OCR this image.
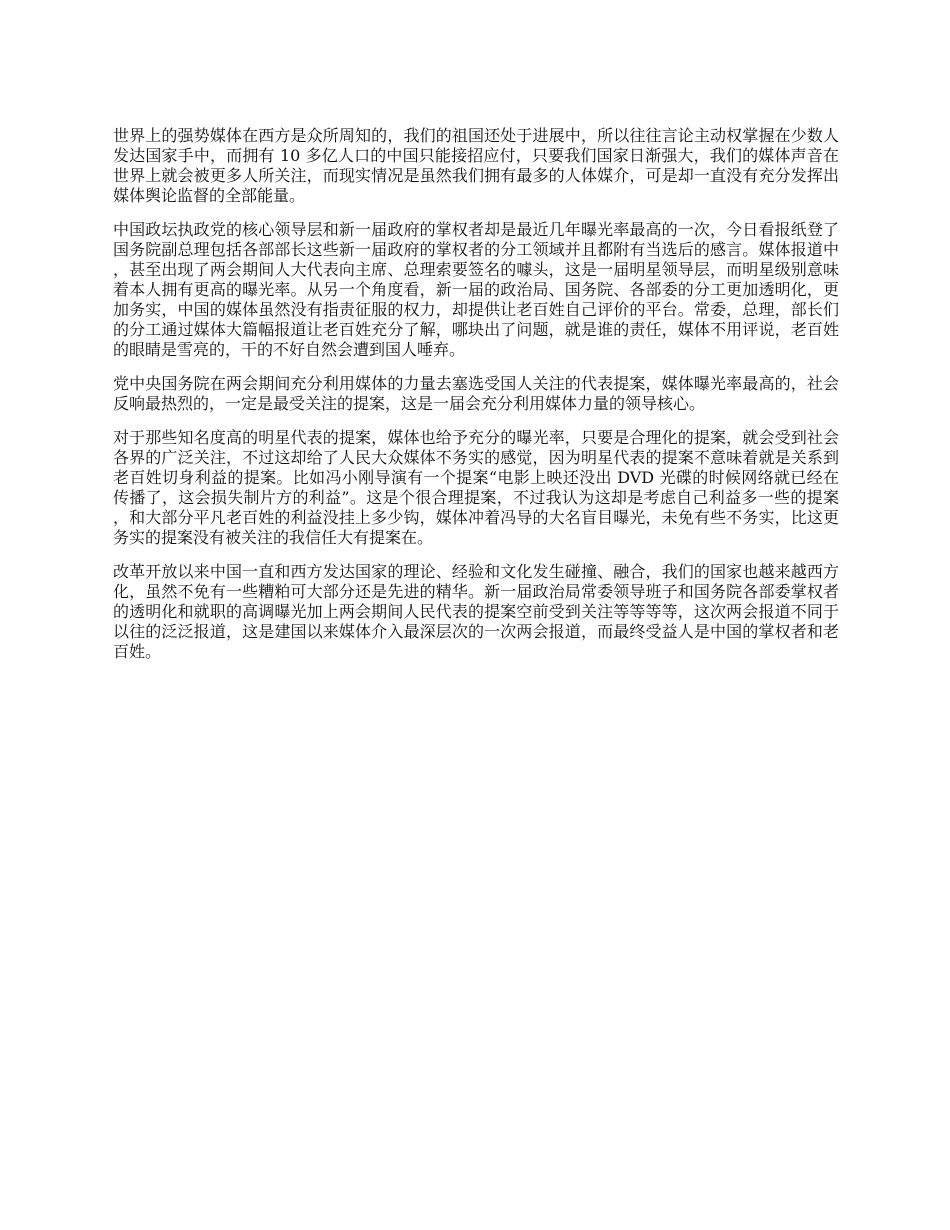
世界上的强势媒体在西方是众所周知的，我们的祖国还处于进展中，所以往往言论主动权掌握在少数人发达国家手中，而拥有 10 多亿人口的中国只能接招应付，只要我们国家日渐强大，我们的媒体声音在世界上就会被更多人所关注，而现实情况是虽然我们拥有最多的人体媒介，可是却一直没有充分发挥出媒体舆论监督的全部能量。

中国政坛执政党的核心领导层和新一届政府的掌权者却是最近几年曝光率最高的一次，今日看报纸登了国务院副总理包括各部部长这些新一届政府的掌权者的分工领域并且都附有当选后的感言。媒体报道中，甚至出现了两会期间人大代表向主席、总理索要签名的噱头，这是一届明星领导层，而明星级别意味着本人拥有更高的曝光率。从另一个角度看，新一届的政治局、国务院、各部委的分工更加透明化，更加务实，中国的媒体虽然没有指责征服的权力，却提供让老百姓自己评价的平台。常委，总理，部长们的分工通过媒体大篇幅报道让老百姓充分了解，哪块出了问题，就是谁的责任，媒体不用评说，老百姓的眼睛是雪亮的，干的不好自然会遭到国人唾弃。

党中央国务院在两会期间充分利用媒体的力量去塞选受国人关注的代表提案，媒体曝光率最高的，社会反响最热烈的，一定是最受关注的提案，这是一届会充分利用媒体力量的领导核心。

对于那些知名度高的明星代表的提案，媒体也给予充分的曝光率，只要是合理化的提案，就会受到社会各界的广泛关注，不过这却给了人民大众媒体不务实的感觉，因为明星代表的提案不意味着就是关系到老百姓切身利益的提案。比如冯小刚导演有一个提案“电影上映还没出 DVD 光碟的时候网络就已经在传播了，这会损失制片方的利益”。这是个很合理提案，不过我认为这却是考虑自己利益多一些的提案，和大部分平凡老百姓的利益没挂上多少钩，媒体冲着冯导的大名盲目曝光，未免有些不务实，比这更务实的提案没有被关注的我信任大有提案在。

改革开放以来中国一直和西方发达国家的理论、经验和文化发生碰撞、融合，我们的国家也越来越西方化，虽然不免有一些糟粕可大部分还是先进的精华。新一届政治局常委领导班子和国务院各部委掌权者的透明化和就职的高调曝光加上两会期间人民代表的提案空前受到关注等等等等，这次两会报道不同于以往的泛泛报道，这是建国以来媒体介入最深层次的一次两会报道，而最终受益人是中国的掌权者和老百姓。
